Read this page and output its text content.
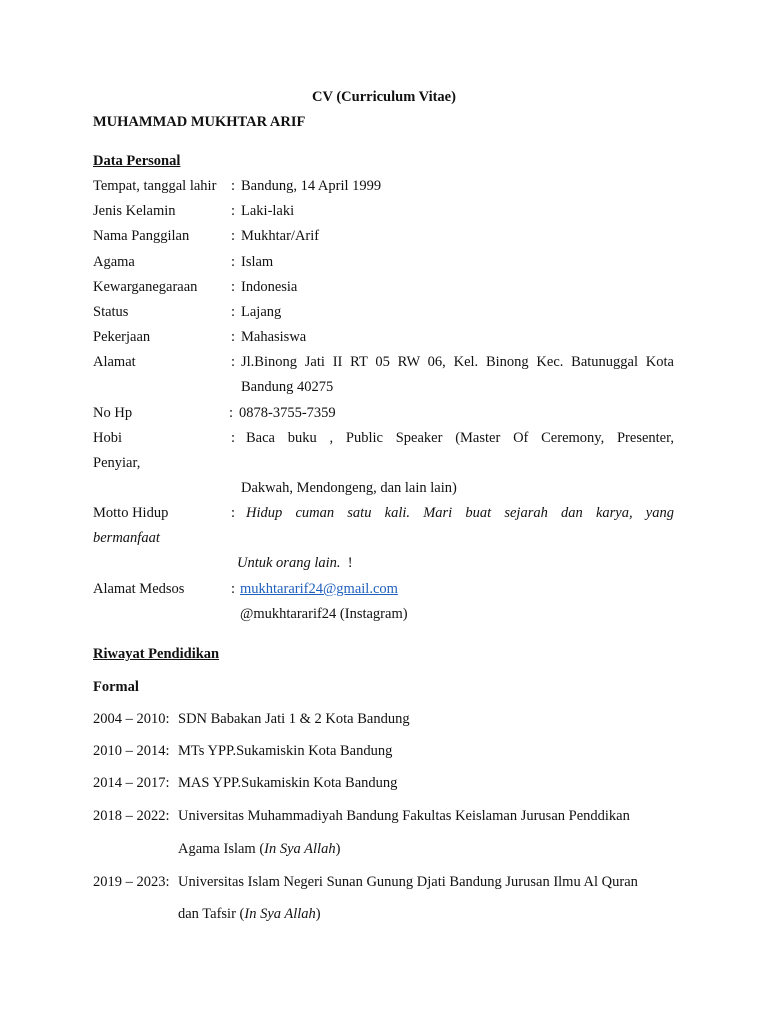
CV (Curriculum Vitae)
MUHAMMAD MUKHTAR ARIF
Data Personal
Tempat, tanggal lahir : Bandung, 14 April 1999
Jenis Kelamin	: Laki-laki
Nama Panggilan	: Mukhtar/Arif
Agama	: Islam
Kewarganegaraan : Indonesia
Status	: Lajang
Pekerjaan	: Mahasiswa
Alamat	: Jl.Binong Jati II RT 05 RW 06, Kel. Binong Kec. Batunuggal Kota
Bandung 40275
No Hp	: 0878-3755-7359
Hobi	: Baca buku , Public Speaker (Master Of Ceremony, Presenter,
Penyiar,
Dakwah, Mendongeng, dan lain lain)
Motto Hidup	: Hidup cuman satu kali. Mari buat sejarah dan karya, yang
bermanfaat
Untuk orang lain. !
Alamat Medsos	: mukhtararif24@gmail.com
@mukhtararif24 (Instagram)
Riwayat Pendidikan
Formal
2004 – 2010: SDN Babakan Jati 1 & 2 Kota Bandung
2010 – 2014: MTs YPP.Sukamiskin Kota Bandung
2014 – 2017: MAS YPP.Sukamiskin Kota Bandung
2018 – 2022: Universitas Muhammadiyah Bandung Fakultas Keislaman Jurusan Penddikan
Agama Islam (In Sya Allah)
2019 – 2023: Universitas Islam Negeri Sunan Gunung Djati Bandung Jurusan Ilmu Al Quran
dan Tafsir (In Sya Allah)
